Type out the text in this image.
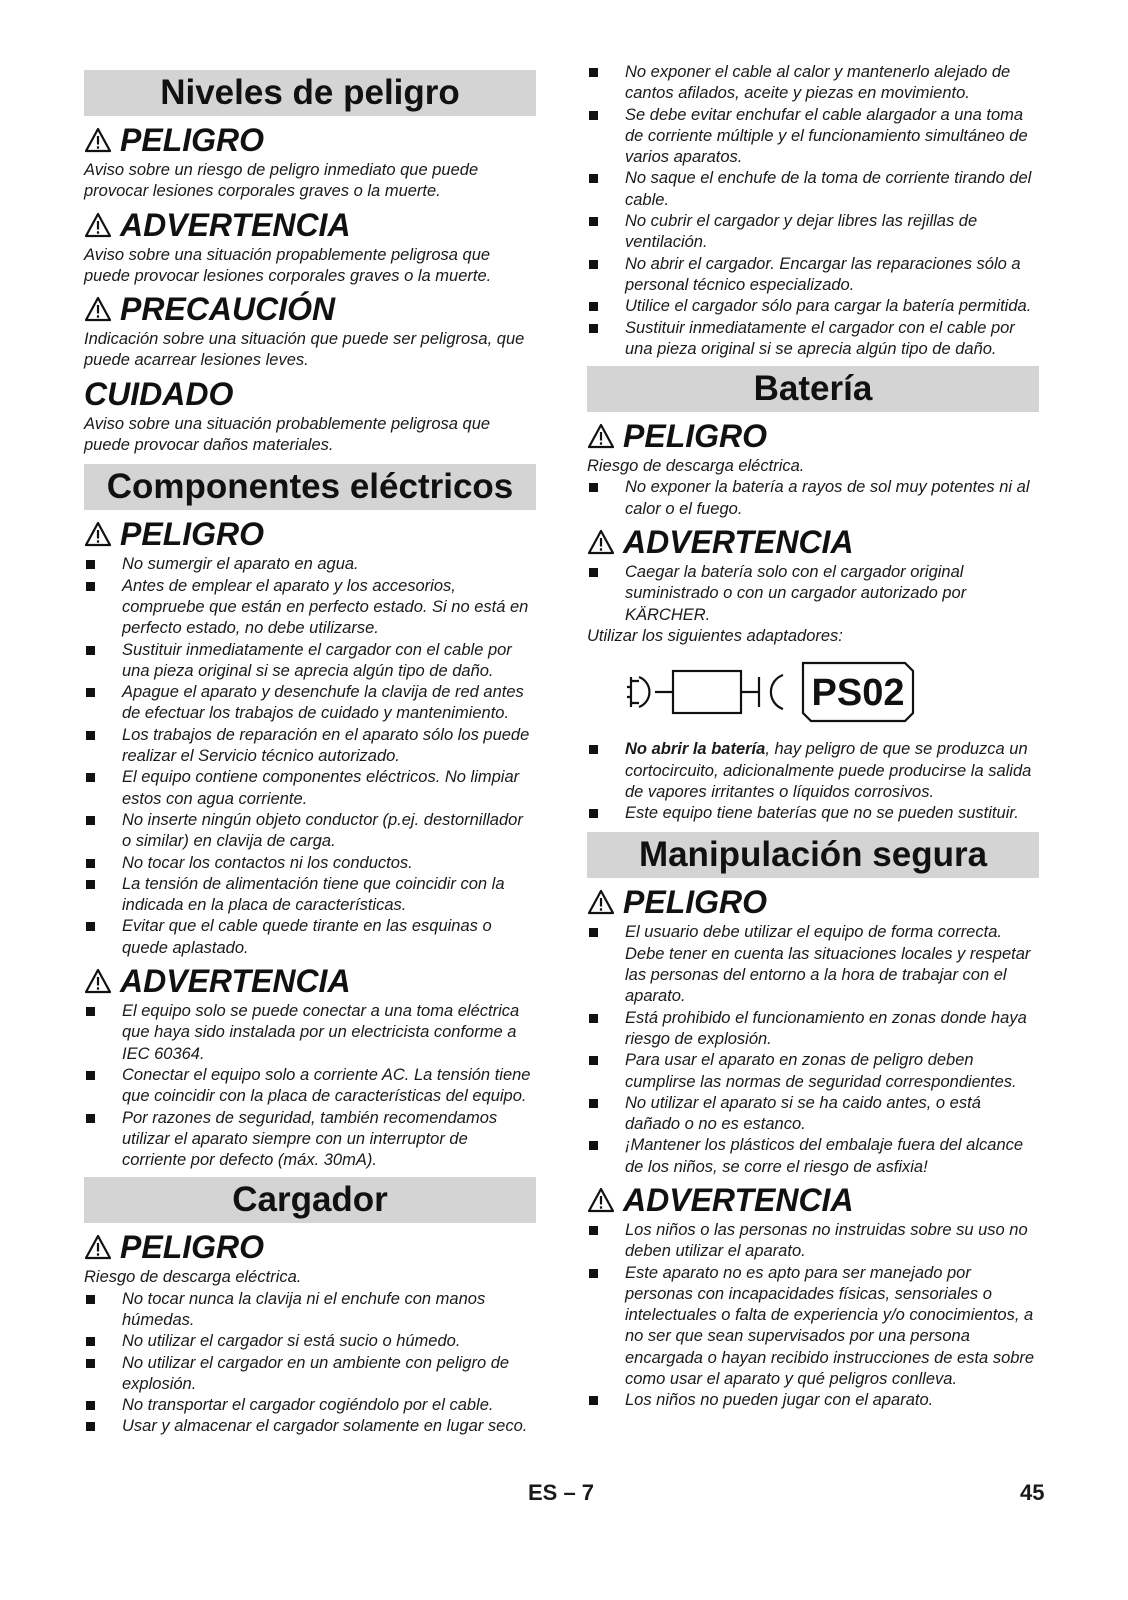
Niveles de peligro
PELIGRO

Aviso sobre un riesgo de peligro inmediato que puede provocar lesiones corporales graves o la muerte.

ADVERTENCIA

Aviso sobre una situación propablemente peligrosa que puede provocar lesiones corporales graves o la muerte.

PRECAUCIÓN

Indicación sobre una situación que puede ser peligrosa, que puede acarrear lesiones leves.

CUIDADO

Aviso sobre una situación probablemente peligrosa que puede provocar daños materiales.

Componentes eléctricos
PELIGRO
No sumergir el aparato en agua.
Antes de emplear el aparato y los accesorios, compruebe que están en perfecto estado. Si no está en perfecto estado, no debe utilizarse.
Sustituir inmediatamente el cargador con el cable por una pieza original si se aprecia algún tipo de daño.
Apague el aparato y desenchufe la clavija de red antes de efectuar los trabajos de cuidado y mantenimiento.
Los trabajos de reparación en el aparato sólo los puede realizar el Servicio técnico autorizado.
El equipo contiene componentes eléctricos. No limpiar estos con agua corriente.
No inserte ningún objeto conductor (p.ej. destornillador o similar) en clavija de carga.
No tocar los contactos ni los conductos.
La tensión de alimentación tiene que coincidir con la indicada en la placa de características.
Evitar que el cable quede tirante en las esquinas o quede aplastado.
ADVERTENCIA
El equipo solo se puede conectar a una toma eléctrica que haya sido instalada por un electricista conforme a IEC 60364.
Conectar el equipo solo a corriente AC. La tensión tiene que coincidir con la placa de características del equipo.
Por razones de seguridad, también recomendamos utilizar el aparato siempre con un interruptor de corriente por defecto (máx. 30mA).
Cargador
PELIGRO

Riesgo de descarga eléctrica.

No tocar nunca la clavija ni el enchufe con manos húmedas.
No utilizar el cargador si está sucio o húmedo.
No utilizar el cargador en un ambiente con peligro de explosión.
No transportar el cargador cogiéndolo por el cable.
Usar y almacenar el cargador solamente en lugar seco.
No exponer el cable al calor y mantenerlo alejado de cantos afilados, aceite y piezas en movimiento.
Se debe evitar enchufar el cable alargador a una toma de corriente múltiple y el funcionamiento simultáneo de varios aparatos.
No saque el enchufe de la toma de corriente tirando del cable.
No cubrir el cargador y dejar libres las rejillas de ventilación.
No abrir el cargador. Encargar las reparaciones sólo a personal técnico especializado.
Utilice el cargador sólo para cargar la batería permitida.
Sustituir inmediatamente el cargador con el cable por una pieza original si se aprecia algún tipo de daño.
Batería
PELIGRO

Riesgo de descarga eléctrica.

No exponer la batería a rayos de sol muy potentes ni al calor o el fuego.
ADVERTENCIA
Caegar la batería solo con el cargador original suministrado o con un cargador autorizado por KÄRCHER.

Utilizar los siguientes adaptadores:

PS02
No abrir la batería, hay peligro de que se produzca un cortocircuito, adicionalmente puede producirse la salida de vapores irritantes o líquidos corrosivos.
Este equipo tiene baterías que no se pueden sustituir.
Manipulación segura
PELIGRO
El usuario debe utilizar el equipo de forma correcta. Debe tener en cuenta las situaciones locales y respetar las personas del entorno a la hora de trabajar con el aparato.
Está prohibido el funcionamiento en zonas donde haya riesgo de explosión.
Para usar el aparato en zonas de peligro deben cumplirse las normas de seguridad correspondientes.
No utilizar el aparato si se ha caido antes, o está dañado o no es estanco.
¡Mantener los plásticos del embalaje fuera del alcance de los niños, se corre el riesgo de asfixia!
ADVERTENCIA
Los niños o las personas no instruidas sobre su uso no deben utilizar el aparato.
Este aparato no es apto para ser manejado por personas con incapacidades físicas, sensoriales o intelectuales o falta de experiencia y/o conocimientos, a no ser que sean supervisados por una persona encargada o hayan recibido instrucciones de esta sobre como usar el aparato y qué peligros conlleva.
Los niños no pueden jugar con el aparato.
ES – 7	45
